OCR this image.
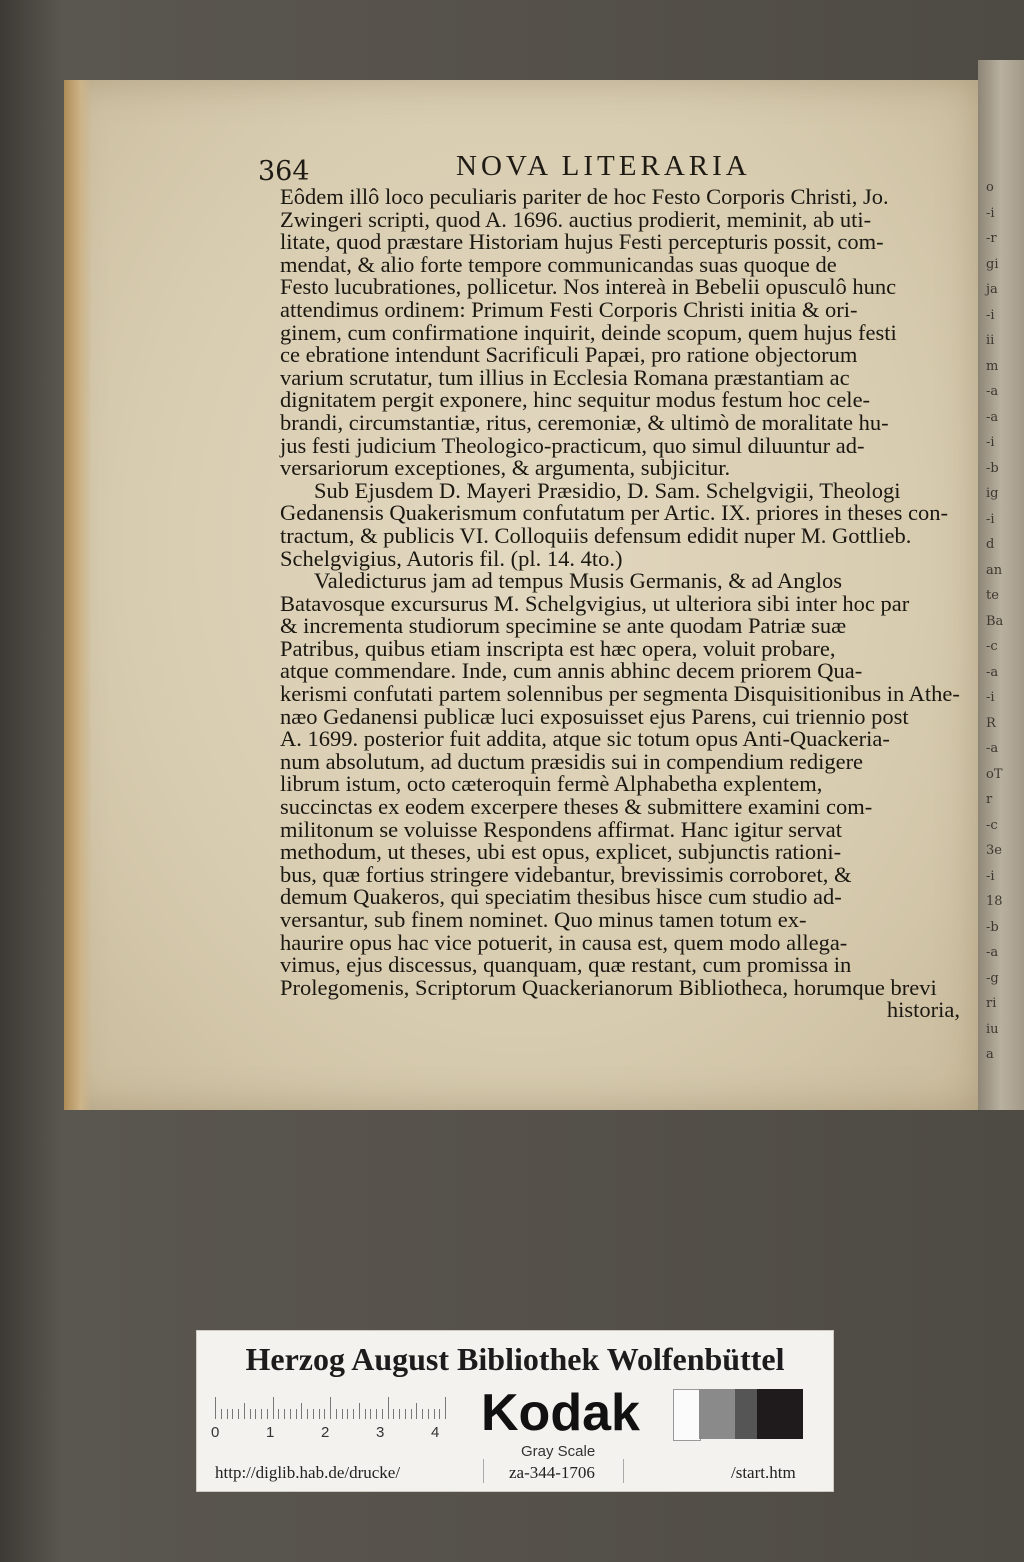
o
-i
-r
gi
ja
-i
ii
m
-a
-a
-i
-b
ig
-i
d
an
te
Ba
-c
-a
-i
R
-a
oT
r
-c
3e
-i
18
-b
-a
-g
ri
iu
a
364	NOVA LITERARIA
Eôdem illô loco peculiaris pariter de hoc Festo Corporis Christi, Jo.
Zwingeri scripti, quod A. 1696. auctius prodierit, meminit, ab uti-
litate, quod præstare Historiam hujus Festi percepturis possit, com-
mendat, & alio forte tempore communicandas suas quoque de
Festo lucubrationes, pollicetur. Nos intereà in Bebelii opusculô hunc
attendimus ordinem: Primum Festi Corporis Christi initia & ori-
ginem, cum confirmatione inquirit, deinde scopum, quem hujus festi
ce ebratione intendunt Sacrificuli Papæi, pro ratione objectorum
varium scrutatur, tum illius in Ecclesia Romana præstantiam ac
dignitatem pergit exponere, hinc sequitur modus festum hoc cele-
brandi, circumstantiæ, ritus, ceremoniæ, & ultimò de moralitate hu-
jus festi judicium Theologico-practicum, quo simul diluuntur ad-
versariorum exceptiones, & argumenta, subjicitur.
Sub Ejusdem D. Mayeri Præsidio, D. Sam. Schelgvigii, Theologi
Gedanensis Quakerismum confutatum per Artic. IX. priores in theses con-
tractum, & publicis VI. Colloquiis defensum edidit nuper M. Gottlieb.
Schelgvigius, Autoris fil. (pl. 14. 4to.)
Valedicturus jam ad tempus Musis Germanis, & ad Anglos
Batavosque excursurus M. Schelgvigius, ut ulteriora sibi inter hoc par
& incrementa studiorum specimine se ante quodam Patriæ suæ
Patribus, quibus etiam inscripta est hæc opera, voluit probare,
atque commendare. Inde, cum annis abhinc decem priorem Qua-
kerismi confutati partem solennibus per segmenta Disquisitionibus in Athe-
næo Gedanensi publicæ luci exposuisset ejus Parens, cui triennio post
A. 1699. posterior fuit addita, atque sic totum opus Anti-Quackeria-
num absolutum, ad ductum præsidis sui in compendium redigere
librum istum, octo cæteroquin fermè Alphabetha explentem,
succinctas ex eodem excerpere theses & submittere examini com-
militonum se voluisse Respondens affirmat. Hanc igitur servat
methodum, ut theses, ubi est opus, explicet, subjunctis rationi-
bus, quæ fortius stringere videbantur, brevissimis corroboret, &
demum Quakeros, qui speciatim thesibus hisce cum studio ad-
versantur, sub finem nominet. Quo minus tamen totum ex-
haurire opus hac vice potuerit, in causa est, quem modo allega-
vimus, ejus discessus, quanquam, quæ restant, cum promissa in
Prolegomenis, Scriptorum Quackerianorum Bibliotheca, horumque brevi
historia,
Herzog August Bibliothek Wolfenbüttel
0	1	2	3	4 Kodak
Gray Scale
http://diglib.hab.de/drucke/	za-344-1706	/start.htm
